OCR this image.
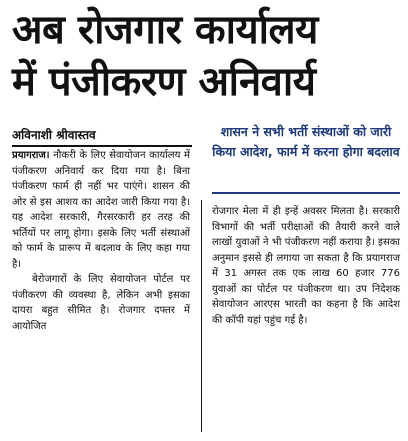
अब रोजगार कार्यालय
में पंजीकरण अनिवार्य
अविनाशी श्रीवास्तव	शासन ने सभी भर्ती संस्थाओं को जारी किया आदेश, फार्म में करना होगा बदलाव
प्रयागराज। नौकरी के लिए सेवायोजन कार्यालय में पंजीकरण अनिवार्य कर दिया गया है। बिना पंजीकरण फार्म ही नहीं भर पाएंगे। शासन की ओर से इस आशय का आदेश जारी किया गया है। यह आदेश सरकारी, गैरसरकारी हर तरह की भर्तियों पर लागू होगा। इसके लिए भर्ती संस्थाओं को फार्म के प्रारूप में बदलाव के लिए कहा गया है।
बेरोजगारों के लिए सेवायोजन पोर्टल पर पंजीकरण की व्यवस्था है, लेकिन अभी इसका दायरा बहुत सीमित है। रोजगार दफ्तर में आयोजित
रोजगार मेला में ही इन्हें अवसर मिलता है। सरकारी विभागों की भर्ती परीक्षाओं की तैयारी करने वाले लाखों युवाओं ने भी पंजीकरण नहीं कराया है। इसका अनुमान इससे ही लगाया जा सकता है कि प्रयागराज में 31 अगस्त तक एक लाख 60 हजार 776 युवाओं का पोर्टल पर पंजीकरण था। उप निदेशक सेवायोजन आरएस भारती का कहना है कि आदेश की कॉपी यहां पहुंच गई है।
